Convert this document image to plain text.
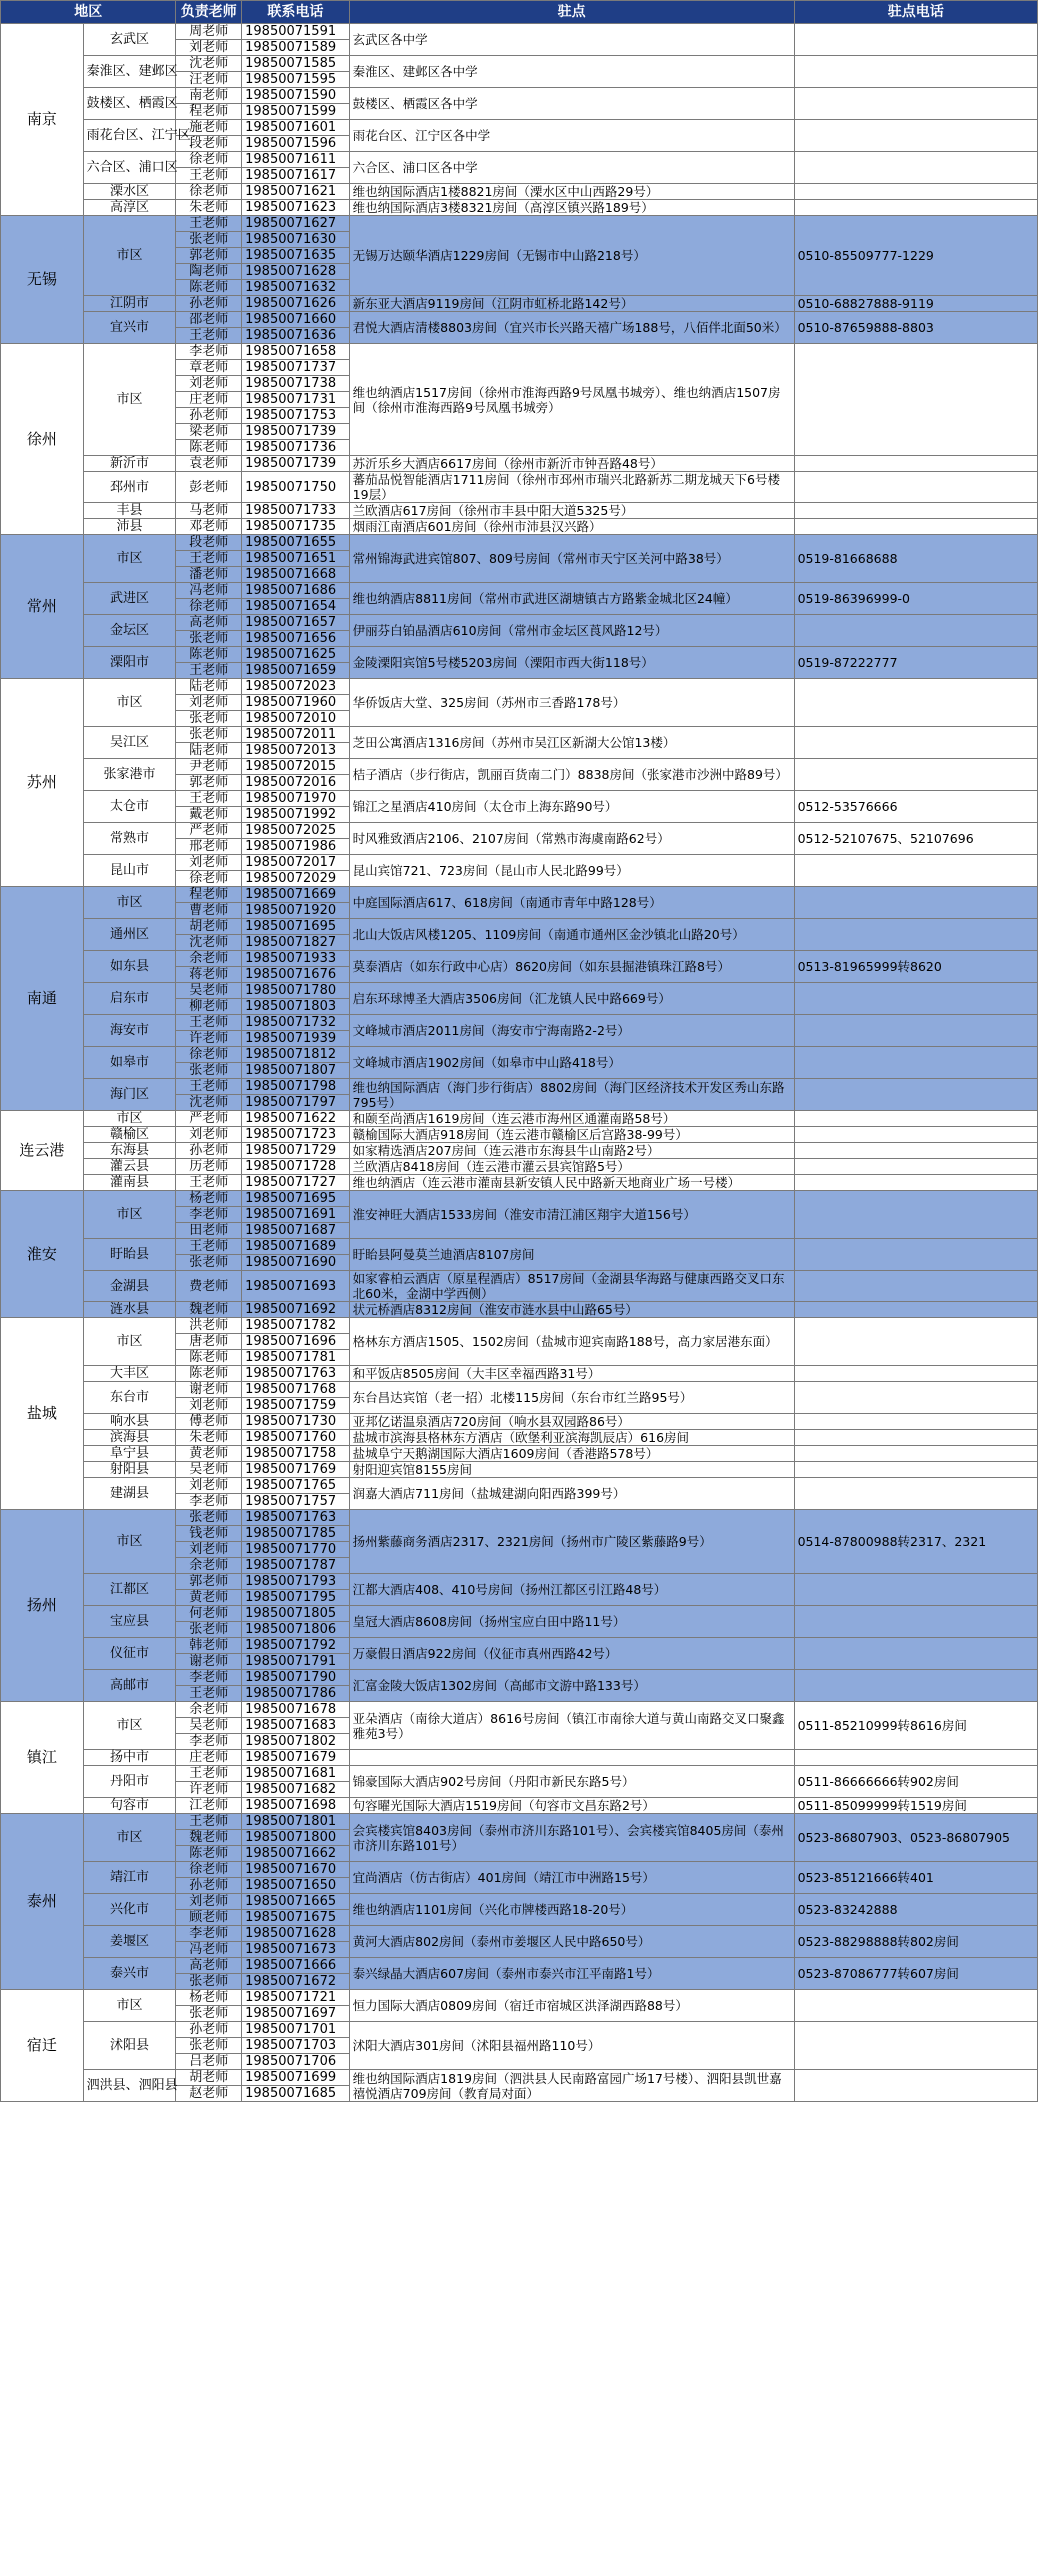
地区		负责老师	联系电话	驻点	驻点电话
南京	玄武区	周老师	19850071591	玄武区各中学	
		刘老师	19850071589		
	秦淮区、建邺区	沈老师	19850071585	秦淮区、建邺区各中学	
		汪老师	19850071595		
	鼓楼区、栖霞区	南老师	19850071590	鼓楼区、栖霞区各中学	
		程老师	19850071599		
	雨花台区、江宁区	施老师	19850071601	雨花台区、江宁区各中学	
		段老师	19850071596		
	六合区、浦口区	徐老师	19850071611	六合区、浦口区各中学	
		王老师	19850071617		
	溧水区	徐老师	19850071621	维也纳国际酒店1楼8821房间（溧水区中山西路29号）	
	高淳区	朱老师	19850071623	维也纳国际酒店3楼8321房间（高淳区镇兴路189号）	
无锡	市区	王老师	19850071627	无锡万达颐华酒店1229房间（无锡市中山路218号）	0510-85509777-1229
		张老师	19850071630		
		郭老师	19850071635		
		陶老师	19850071628		
		陈老师	19850071632		
	江阴市	孙老师	19850071626	新东亚大酒店9119房间（江阴市虹桥北路142号）	0510-68827888-9119
	宜兴市	邵老师	19850071660	君悦大酒店清楼8803房间（宜兴市长兴路天禧广场188号，八佰伴北面50米）	0510-87659888-8803
		王老师	19850071636		
徐州	市区	李老师	19850071658	维也纳酒店1517房间（徐州市淮海西路9号凤凰书城旁）、维也纳酒店1507房间（徐州市淮海西路9号凤凰书城旁）	
		章老师	19850071737		
		刘老师	19850071738		
		庄老师	19850071731		
		孙老师	19850071753		
		梁老师	19850071739		
		陈老师	19850071736		
	新沂市	袁老师	19850071739	苏沂乐乡大酒店6617房间（徐州市新沂市钟吾路48号）	
	邳州市	彭老师	19850071750	蕃茄品悦智能酒店1711房间（徐州市邳州市瑞兴北路新苏二期龙城天下6号楼19层）	
	丰县	马老师	19850071733	兰欧酒店617房间（徐州市丰县中阳大道5325号）	
	沛县	邓老师	19850071735	烟雨江南酒店601房间（徐州市沛县汉兴路）	
常州	市区	段老师	19850071655	常州锦海武进宾馆807、809号房间（常州市天宁区关河中路38号）	0519-81668688
		王老师	19850071651		
		潘老师	19850071668		
	武进区	冯老师	19850071686	维也纳酒店8811房间（常州市武进区湖塘镇古方路紫金城北区24幢）	0519-86396999-0
		徐老师	19850071654		
	金坛区	高老师	19850071657	伊丽芬白铂晶酒店610房间（常州市金坛区莨风路12号）	
		张老师	19850071656		
	溧阳市	陈老师	19850071625	金陵溧阳宾馆5号楼5203房间（溧阳市西大街118号）	0519-87222777
		王老师	19850071659		
苏州	市区	陆老师	19850072023	华侨饭店大堂、325房间（苏州市三香路178号）	
		刘老师	19850071960		
		张老师	19850072010		
	吴江区	张老师	19850072011	芝田公寓酒店1316房间（苏州市吴江区新湖大公馆13楼）	
		陆老师	19850072013		
	张家港市	尹老师	19850072015	桔子酒店（步行街店，凯丽百货南二门）8838房间（张家港市沙洲中路89号）	
		郭老师	19850072016		
	太仓市	王老师	19850071970	锦江之星酒店410房间（太仓市上海东路90号）	0512-53576666
		戴老师	19850071992		
	常熟市	严老师	19850072025	时风雅致酒店2106、2107房间（常熟市海虞南路62号）	0512-52107675、52107696
		邢老师	19850071986		
	昆山市	刘老师	19850072017	昆山宾馆721、723房间（昆山市人民北路99号）	
		徐老师	19850072029		
南通	市区	程老师	19850071669	中庭国际酒店617、618房间（南通市青年中路128号）	
		曹老师	19850071920		
	通州区	胡老师	19850071695	北山大饭店风楼1205、1109房间（南通市通州区金沙镇北山路20号）	
		沈老师	19850071827		
	如东县	余老师	19850071933	莫泰酒店（如东行政中心店）8620房间（如东县掘港镇珠江路8号）	0513-81965999转8620
		蒋老师	19850071676		
	启东市	吴老师	19850071780	启东环球博圣大酒店3506房间（汇龙镇人民中路669号）	
		柳老师	19850071803		
	海安市	王老师	19850071732	文峰城市酒店2011房间（海安市宁海南路2-2号）	
		许老师	19850071939		
	如皋市	徐老师	19850071812	文峰城市酒店1902房间（如皋市中山路418号）	
		张老师	19850071807		
	海门区	王老师	19850071798	维也纳国际酒店（海门步行街店）8802房间（海门区经济技术开发区秀山东路795号）	
		沈老师	19850071797		
连云港	市区	严老师	19850071622	和颐至尚酒店1619房间（连云港市海州区通灌南路58号）	
	赣榆区	刘老师	19850071723	赣榆国际大酒店918房间（连云港市赣榆区后宫路38-99号）	
	东海县	孙老师	19850071729	如家精选酒店207房间（连云港市东海县牛山南路2号）	
	灌云县	历老师	19850071728	兰欧酒店8418房间（连云港市灌云县宾馆路5号）	
	灌南县	王老师	19850071727	维也纳酒店（连云港市灌南县新安镇人民中路新天地商业广场一号楼）	
淮安	市区	杨老师	19850071695	淮安神旺大酒店1533房间（淮安市清江浦区翔宇大道156号）	
		李老师	19850071691		
		田老师	19850071687		
	盱眙县	王老师	19850071689	盱眙县阿曼莫兰迪酒店8107房间	
		张老师	19850071690		
	金湖县	费老师	19850071693	如家睿柏云酒店（原星程酒店）8517房间（金湖县华海路与健康西路交叉口东北60米，金湖中学西侧）	
	涟水县	魏老师	19850071692	状元桥酒店8312房间（淮安市涟水县中山路65号）	
盐城	市区	洪老师	19850071782	格林东方酒店1505、1502房间（盐城市迎宾南路188号，高力家居港东面）	
		唐老师	19850071696		
		陈老师	19850071781		
	大丰区	陈老师	19850071763	和平饭店8505房间（大丰区幸福西路31号）	
	东台市	谢老师	19850071768	东台昌达宾馆（老一招）北楼115房间（东台市红兰路95号）	
		刘老师	19850071759		
	响水县	傅老师	19850071730	亚邦亿诺温泉酒店720房间（响水县双园路86号）	
	滨海县	朱老师	19850071760	盐城市滨海县格林东方酒店（欧堡利亚滨海凯辰店）616房间	
	阜宁县	黄老师	19850071758	盐城阜宁天鹅湖国际大酒店1609房间（香港路578号）	
	射阳县	吴老师	19850071769	射阳迎宾馆8155房间	
	建湖县	刘老师	19850071765	润嘉大酒店711房间（盐城建湖向阳西路399号）	
		李老师	19850071757		
扬州	市区	张老师	19850071763	扬州紫藤商务酒店2317、2321房间（扬州市广陵区紫藤路9号）	0514-87800988转2317、2321
		钱老师	19850071785		
		刘老师	19850071770		
		余老师	19850071787		
	江都区	郭老师	19850071793	江都大酒店408、410号房间（扬州江都区引江路48号）	
		黄老师	19850071795		
	宝应县	何老师	19850071805	皇冠大酒店8608房间（扬州宝应白田中路11号）	
		张老师	19850071806		
	仪征市	韩老师	19850071792	万豪假日酒店922房间（仪征市真州西路42号）	
		谢老师	19850071791		
	高邮市	李老师	19850071790	汇富金陵大饭店1302房间（高邮市文游中路133号）	
		王老师	19850071786		
镇江	市区	余老师	19850071678	亚朵酒店（南徐大道店）8616号房间（镇江市南徐大道与黄山南路交叉口聚鑫雅苑3号）	0511-85210999转8616房间
		吴老师	19850071683		
		李老师	19850071802		
	扬中市	庄老师	19850071679		
	丹阳市	王老师	19850071681	锦豪国际大酒店902号房间（丹阳市新民东路5号）	0511-86666666转902房间
		许老师	19850071682		
	句容市	江老师	19850071698	句容曜光国际大酒店1519房间（句容市文昌东路2号）	0511-85099999转1519房间
泰州	市区	王老师	19850071801	会宾楼宾馆8403房间（泰州市济川东路101号）、会宾楼宾馆8405房间（泰州市济川东路101号）	0523-86807903、0523-86807905
		魏老师	19850071800		
		陈老师	19850071662		
	靖江市	徐老师	19850071670	宜尚酒店（仿古街店）401房间（靖江市中洲路15号）	0523-85121666转401
		孙老师	19850071650		
	兴化市	刘老师	19850071665	维也纳酒店1101房间（兴化市牌楼西路18-20号）	0523-83242888
		顾老师	19850071675		
	姜堰区	李老师	19850071628	黄河大酒店802房间（泰州市姜堰区人民中路650号）	0523-88298888转802房间
		冯老师	19850071673		
	泰兴市	高老师	19850071666	泰兴绿晶大酒店607房间（泰州市泰兴市江平南路1号）	0523-87086777转607房间
		张老师	19850071672		
宿迁	市区	杨老师	19850071721	恒力国际大酒店0809房间（宿迁市宿城区洪泽湖西路88号）	
		张老师	19850071697		
	沭阳县	孙老师	19850071701	沭阳大酒店301房间（沭阳县福州路110号）	
		张老师	19850071703		
		吕老师	19850071706		
	泗洪县、泗阳县	胡老师	19850071699	维也纳国际酒店1819房间（泗洪县人民南路富园广场17号楼）、泗阳县凯世嘉禧悦酒店709房间（教育局对面）	
		赵老师	19850071685		
